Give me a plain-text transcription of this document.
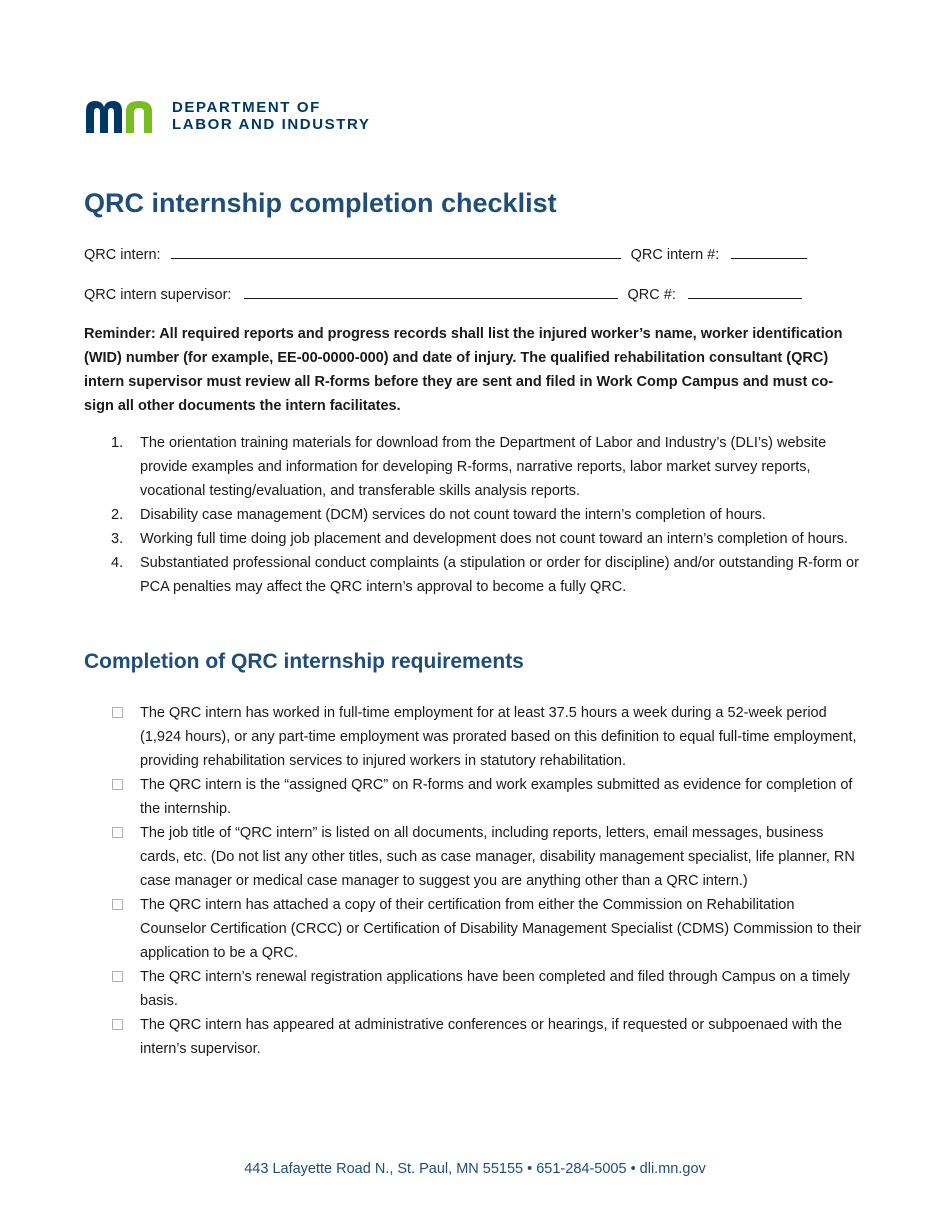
DEPARTMENT OF
LABOR AND INDUSTRY
QRC internship completion checklist
QRC intern:	QRC intern #:
QRC intern supervisor:	QRC #:

Reminder: All required reports and progress records shall list the injured worker’s name, worker identification (WID) number (for example, EE-00-0000-000) and date of injury. The qualified rehabilitation consultant (QRC) intern supervisor must review all R-forms before they are sent and filed in Work Comp Campus and must co-sign all other documents the intern facilitates.

1. The orientation training materials for download from the Department of Labor and Industry’s (DLI’s) website provide examples and information for developing R-forms, narrative reports, labor market survey reports, vocational testing/evaluation, and transferable skills analysis reports.
2. Disability case management (DCM) services do not count toward the intern’s completion of hours.
3. Working full time doing job placement and development does not count toward an intern’s completion of hours.
4. Substantiated professional conduct complaints (a stipulation or order for discipline) and/or outstanding R-form or PCA penalties may affect the QRC intern’s approval to become a fully QRC.
Completion of QRC internship requirements
The QRC intern has worked in full-time employment for at least 37.5 hours a week during a 52-week period (1,924 hours), or any part-time employment was prorated based on this definition to equal full-time employment, providing rehabilitation services to injured workers in statutory rehabilitation.
The QRC intern is the “assigned QRC” on R-forms and work examples submitted as evidence for completion of the internship.
The job title of “QRC intern” is listed on all documents, including reports, letters, email messages, business cards, etc. (Do not list any other titles, such as case manager, disability management specialist, life planner, RN case manager or medical case manager to suggest you are anything other than a QRC intern.)
The QRC intern has attached a copy of their certification from either the Commission on Rehabilitation Counselor Certification (CRCC) or Certification of Disability Management Specialist (CDMS) Commission to their application to be a QRC.
The QRC intern’s renewal registration applications have been completed and filed through Campus on a timely basis.
The QRC intern has appeared at administrative conferences or hearings, if requested or subpoenaed with the intern’s supervisor.
443 Lafayette Road N., St. Paul, MN 55155 • 651-284-5005 • dli.mn.gov
